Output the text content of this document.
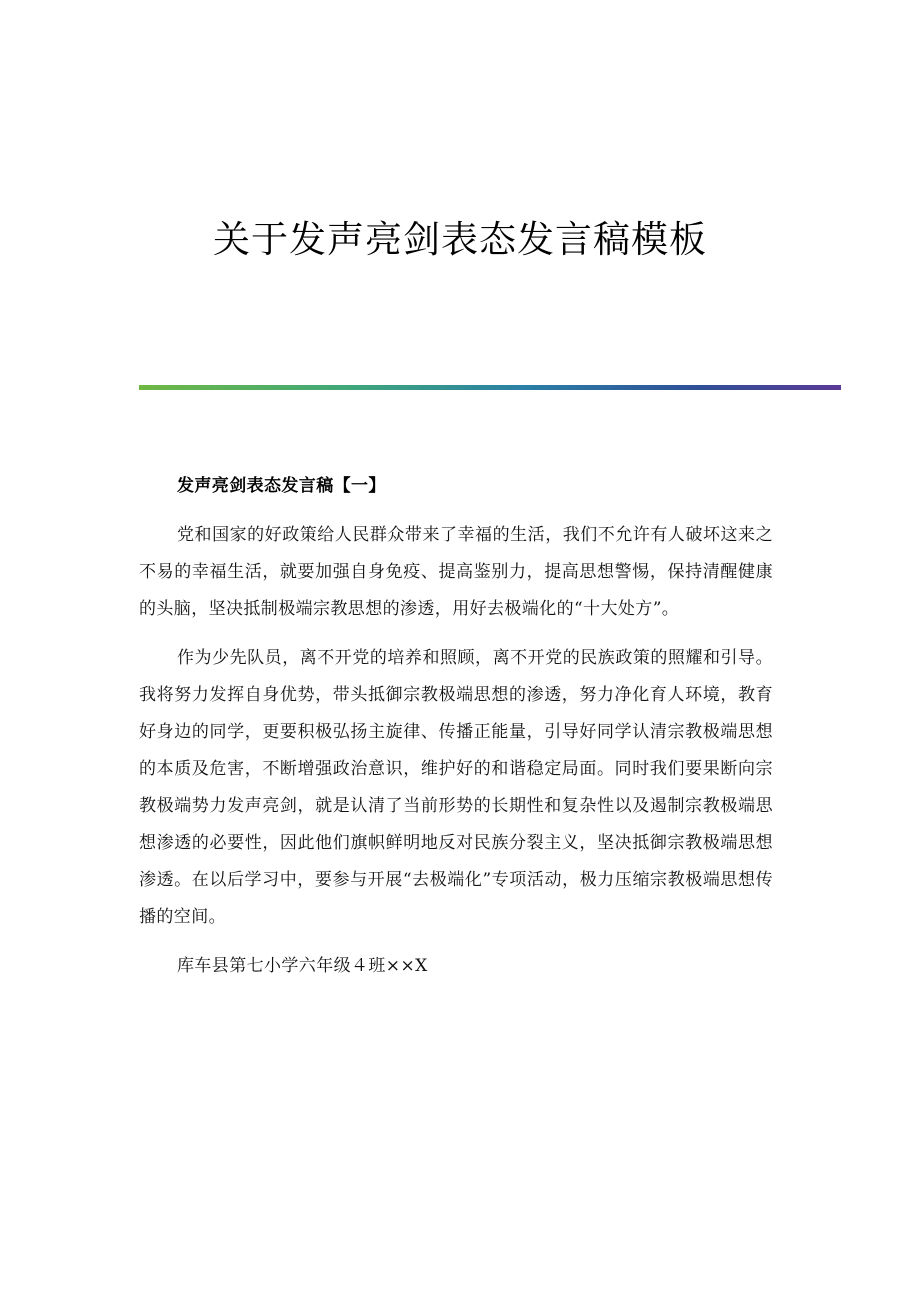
关于发声亮剑表态发言稿模板

发声亮剑表态发言稿【一】

党和国家的好政策给人民群众带来了幸福的生活，我们不允许有人破坏这来之不易的幸福生活，就要加强自身免疫、提高鉴别力，提高思想警惕，保持清醒健康的头脑，坚决抵制极端宗教思想的渗透，用好去极端化的“十大处方”。

作为少先队员，离不开党的培养和照顾，离不开党的民族政策的照耀和引导。我将努力发挥自身优势，带头抵御宗教极端思想的渗透，努力净化育人环境，教育好身边的同学，更要积极弘扬主旋律、传播正能量，引导好同学认清宗教极端思想的本质及危害，不断增强政治意识，维护好的和谐稳定局面。同时我们要果断向宗教极端势力发声亮剑，就是认清了当前形势的长期性和复杂性以及遏制宗教极端思想渗透的必要性，因此他们旗帜鲜明地反对民族分裂主义，坚决抵御宗教极端思想渗透。在以后学习中，要参与开展“去极端化”专项活动，极力压缩宗教极端思想传播的空间。

库车县第七小学六年级４班××X
